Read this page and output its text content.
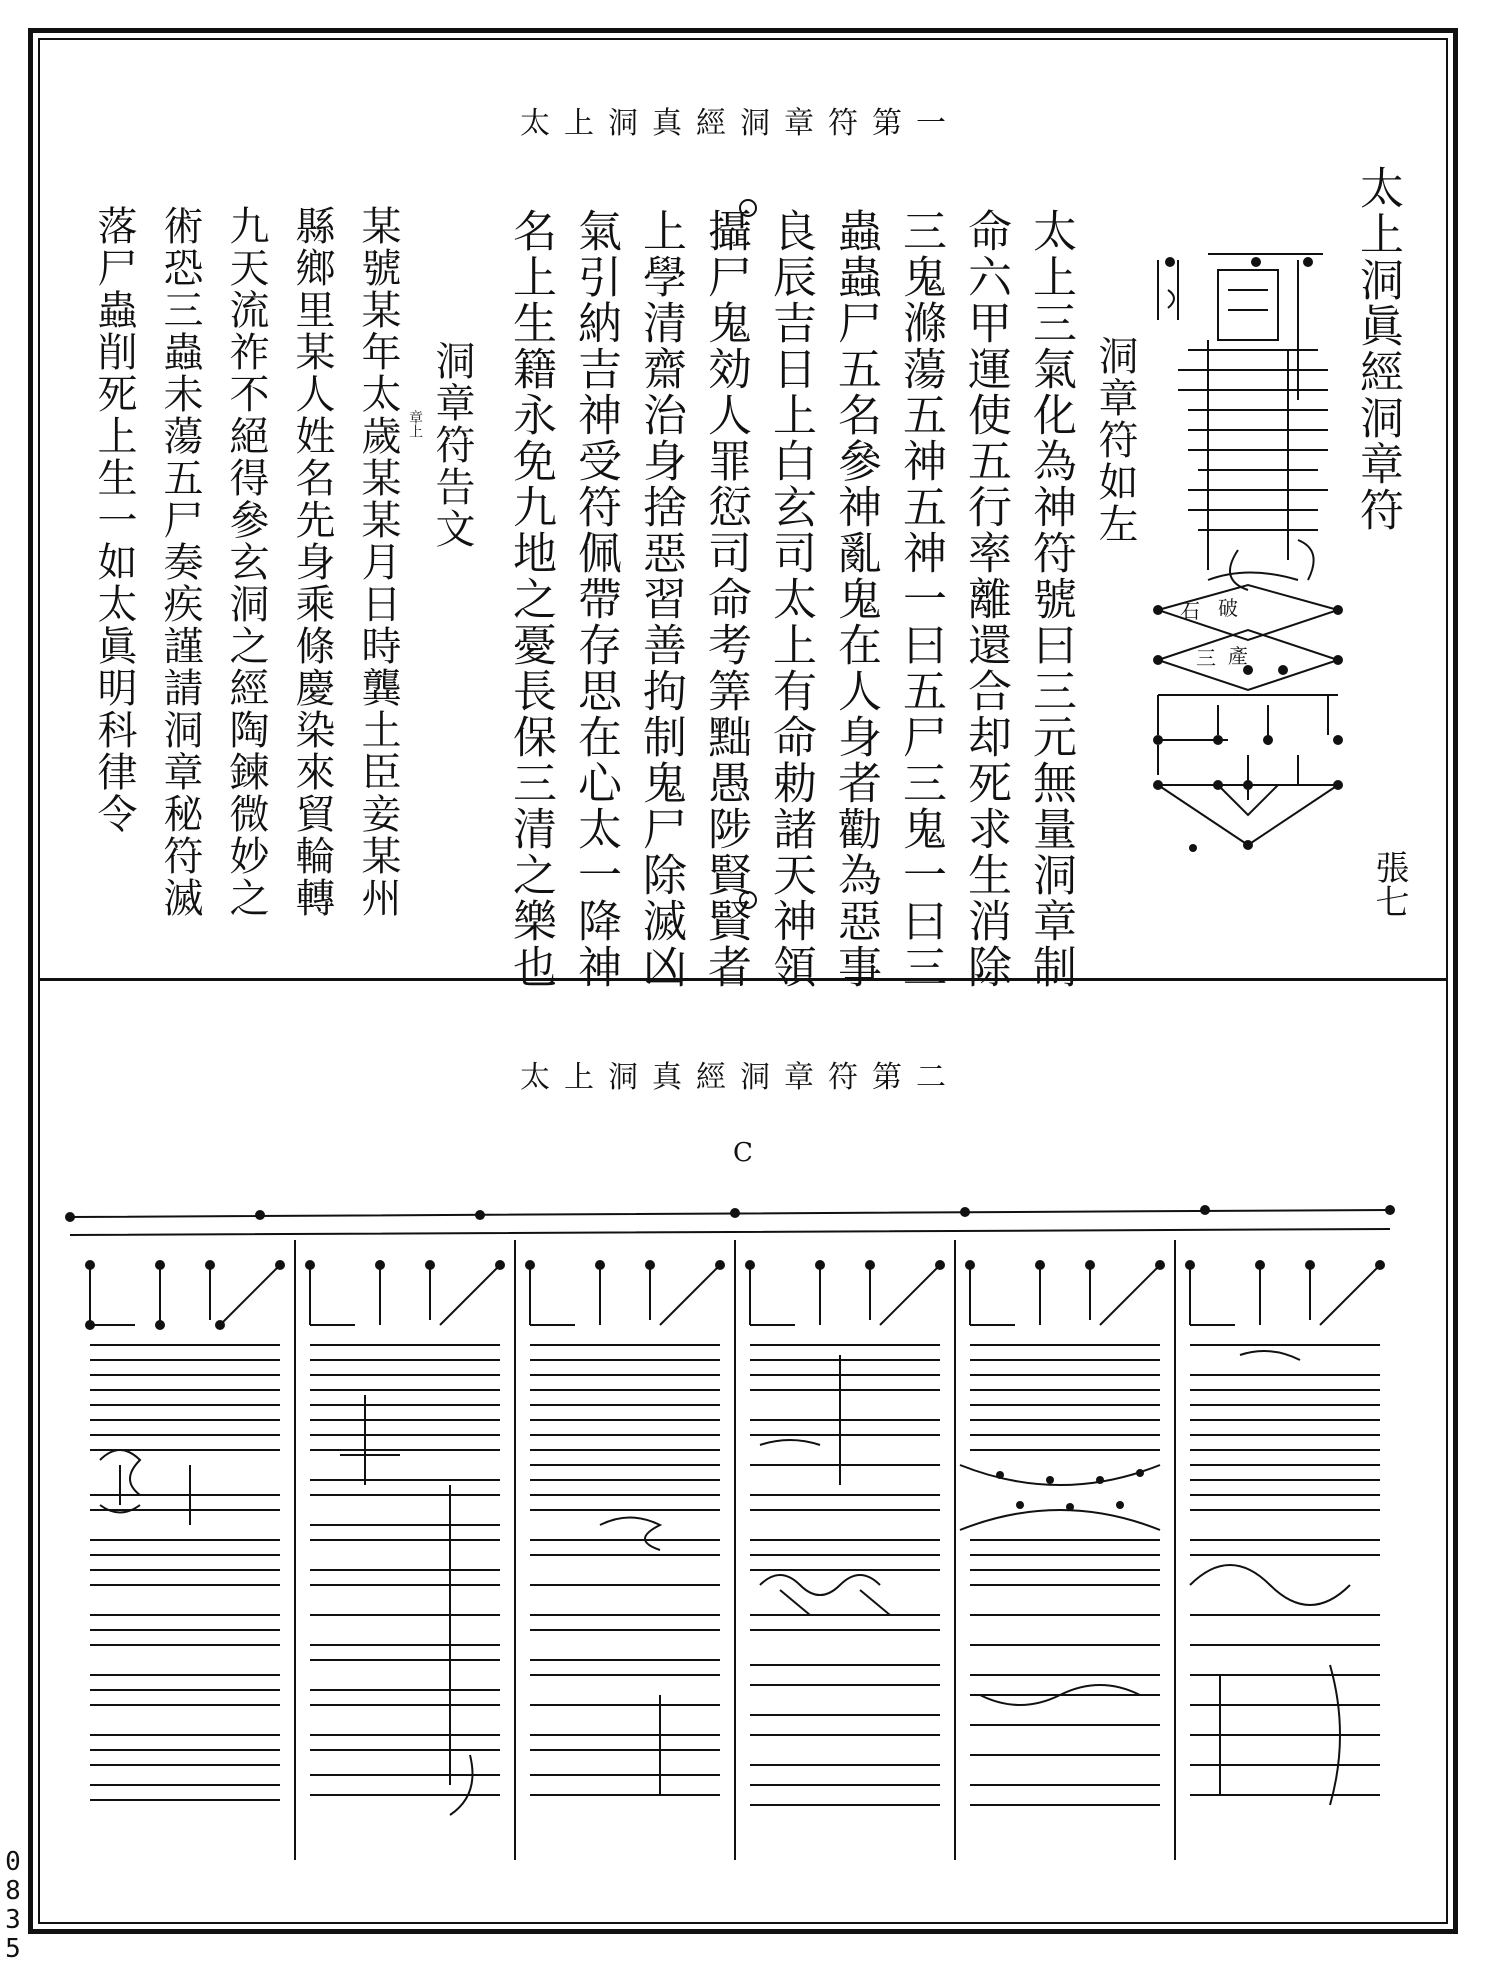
太上洞真經洞章符第一
太上洞眞經洞章符
張七
破
石
產
三
洞章符如左
太上三氣化為神符號曰三元無量洞章制
命六甲運使五行率離還合却死求生消除
三鬼滌蕩五神五神一曰五尸三鬼一曰三
蟲蟲尸五名參神亂鬼在人身者勸為惡事
良辰吉日上白玄司太上有命勅諸天神領
攝尸鬼効人罪愆司命考筭黜愚陟賢賢者
上學清齋治身捨惡習善拘制鬼尸除滅凶
氣引納吉神受符佩帶存思在心太一降神
名上生籍永免九地之憂長保三清之樂也
洞章符告文
章上
某號某年太歲某某月日時龔土臣妾某州
縣鄉里某人姓名先身乘條慶染來貿輪轉
九天流祚不絕得參玄洞之經陶鍊微妙之
術恐三蟲未蕩五尸奏疾謹請洞章秘符滅
落尸蟲削死上生一如太眞明科律令
太上洞真經洞章符第二
C
0
8
3
5
